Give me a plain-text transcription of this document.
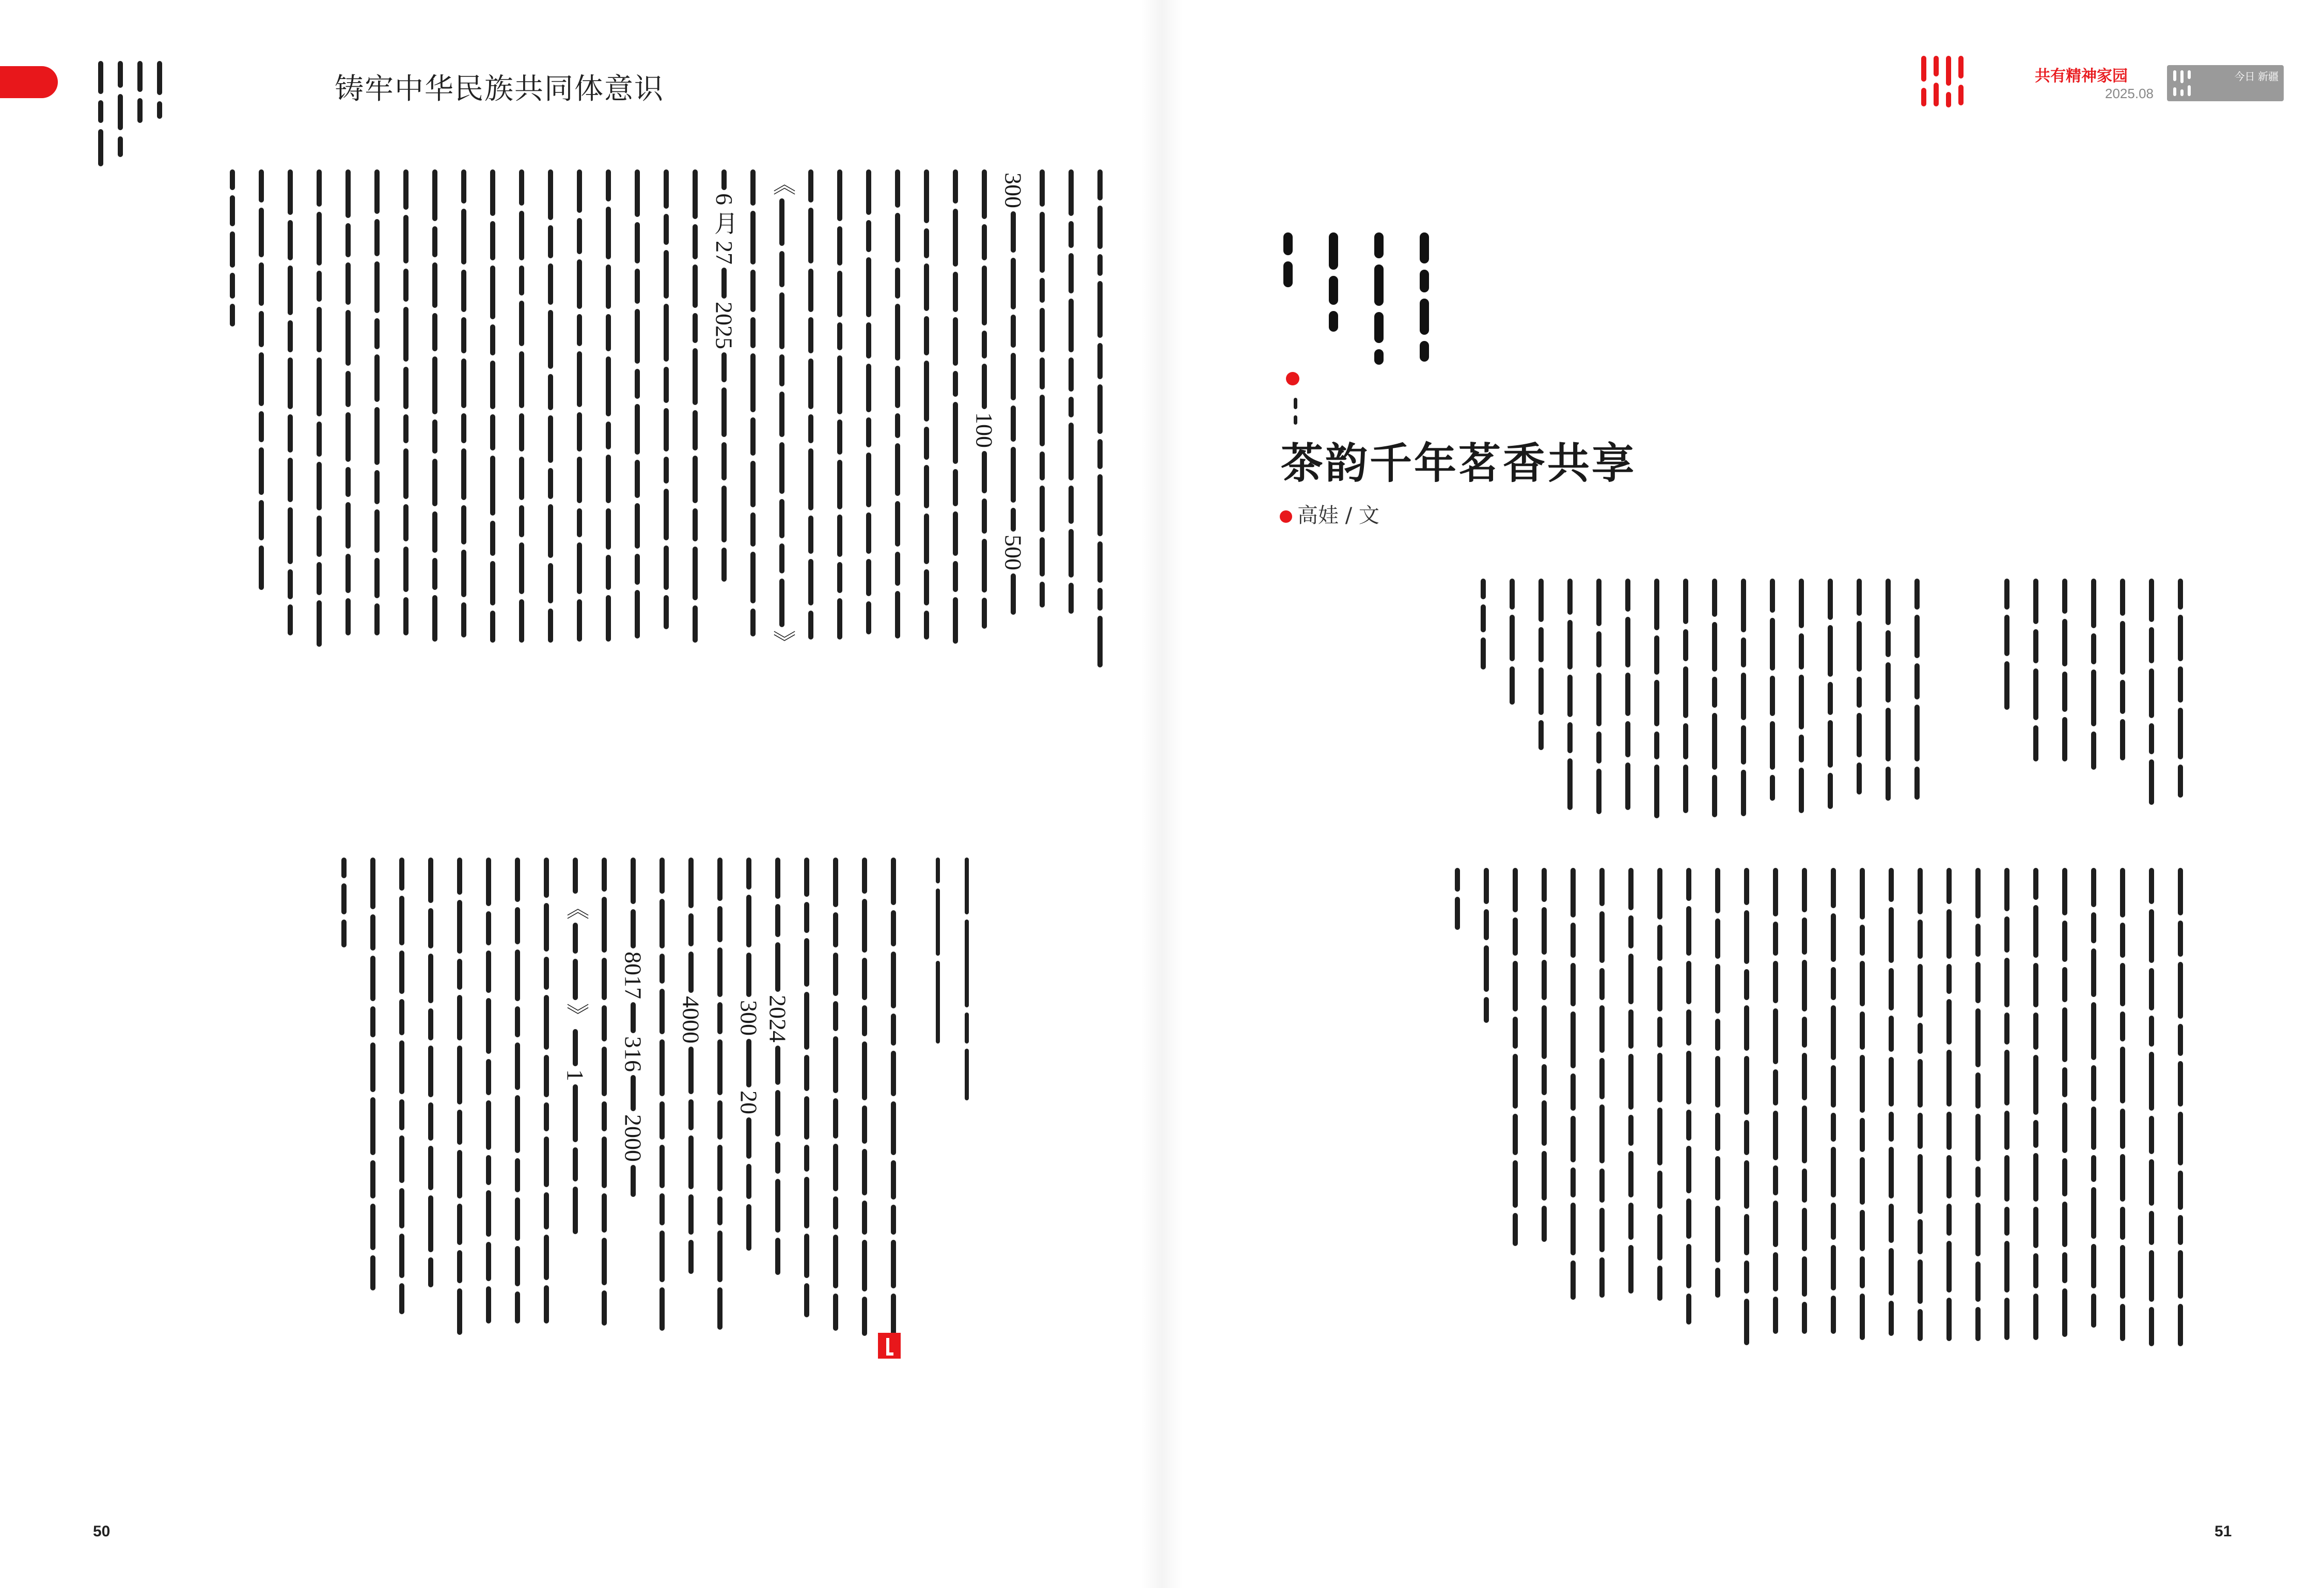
铸牢中华民族共同体意识	共有精神家园
2025.08
今日 新疆
300
500
100
《
》
6 月 27
2025
2024
300
20
4000
8017
316
2000
《
》
1
茶韵千年茗香共享
高娃 / 文
50	51
